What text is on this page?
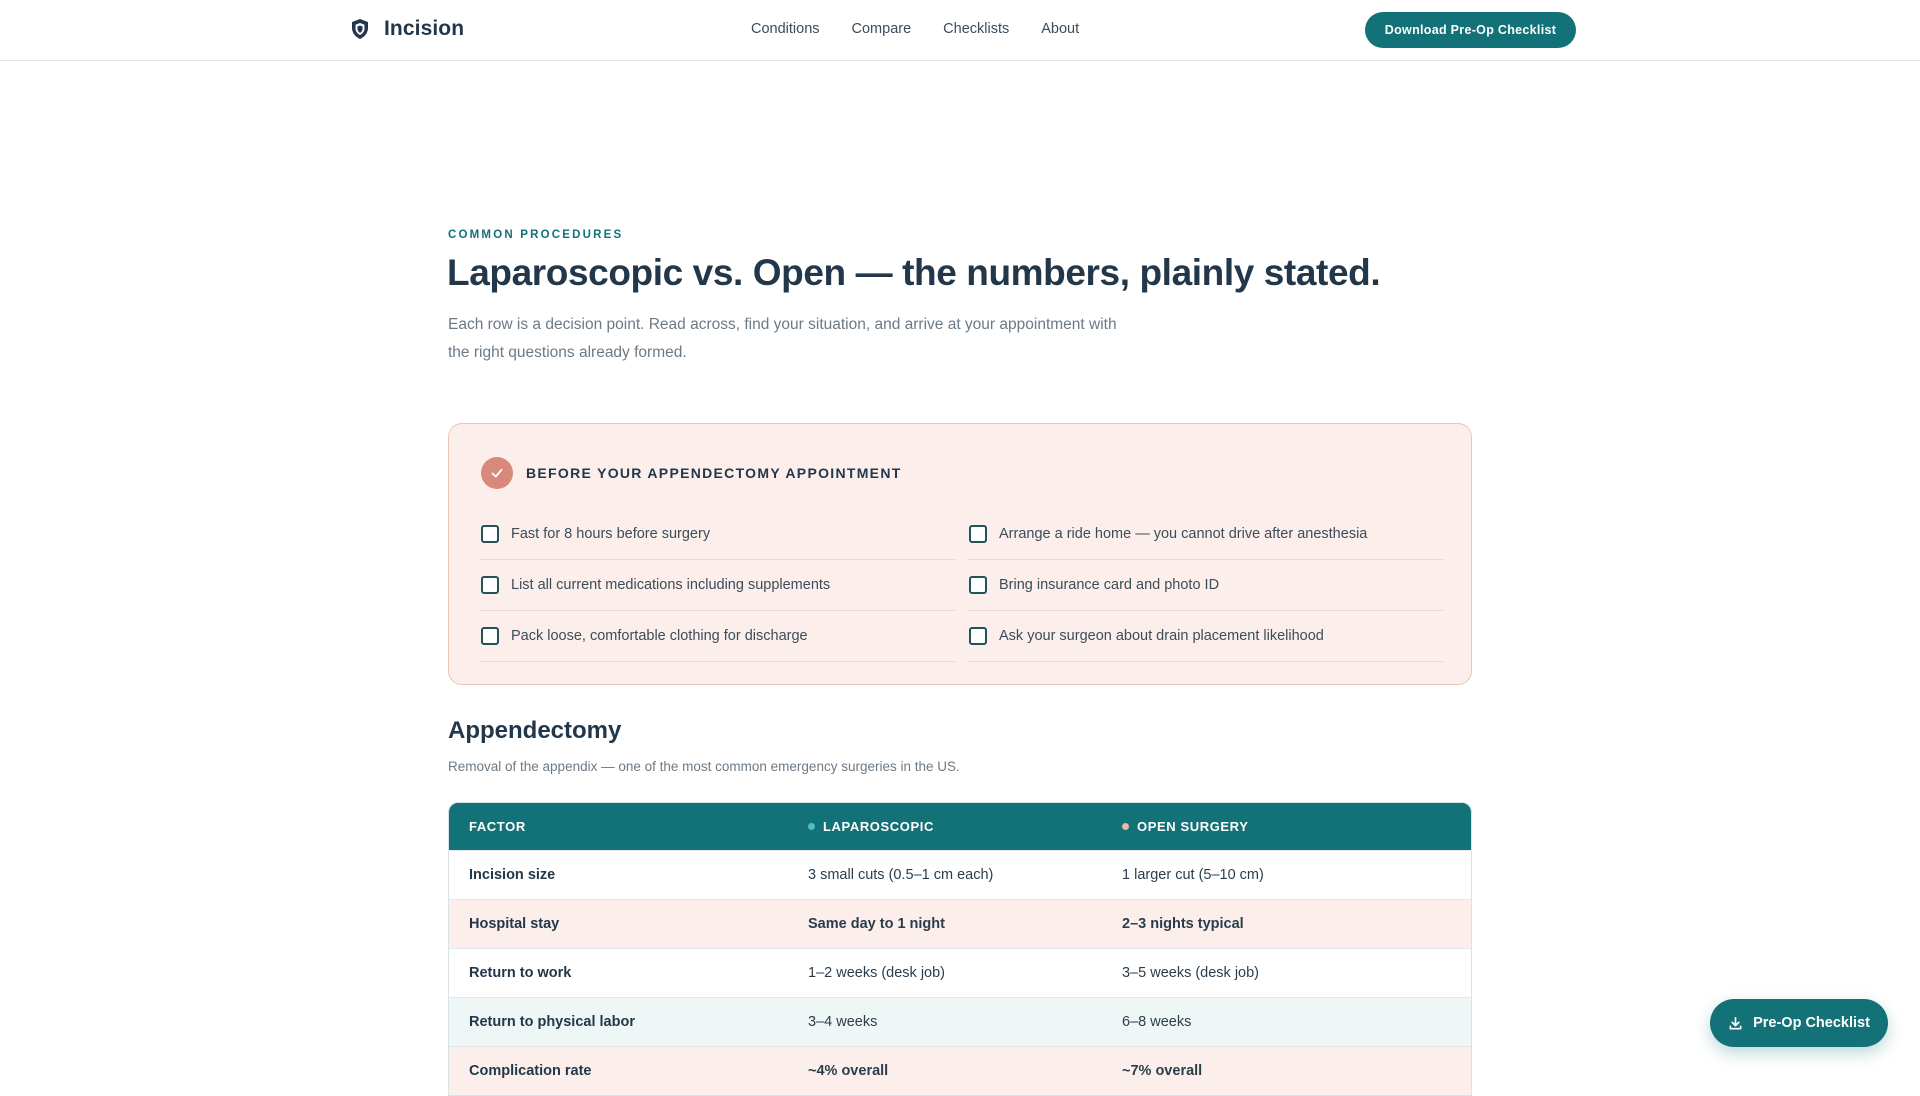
Incision	Conditions Compare Checklists About	Download Pre-Op Checklist
COMMON PROCEDURES
Laparoscopic vs. Open — the numbers, plainly stated.

Each row is a decision point. Read across, find your situation, and arrive at your appointment with the right questions already formed.

BEFORE YOUR APPENDECTOMY APPOINTMENT
Fast for 8 hours before surgery	Arrange a ride home — you cannot drive after anesthesia
List all current medications including supplements	Bring insurance card and photo ID
Pack loose, comfortable clothing for discharge	Ask your surgeon about drain placement likelihood
Appendectomy

Removal of the appendix — one of the most common emergency surgeries in the US.

FACTOR	LAPAROSCOPIC	OPEN SURGERY
Incision size	3 small cuts (0.5–1 cm each)	1 larger cut (5–10 cm)
Hospital stay	Same day to 1 night	2–3 nights typical
Return to work	1–2 weeks (desk job)	3–5 weeks (desk job)
Return to physical labor	3–4 weeks	6–8 weeks
Complication rate	~4% overall	~7% overall
Pre-Op Checklist
